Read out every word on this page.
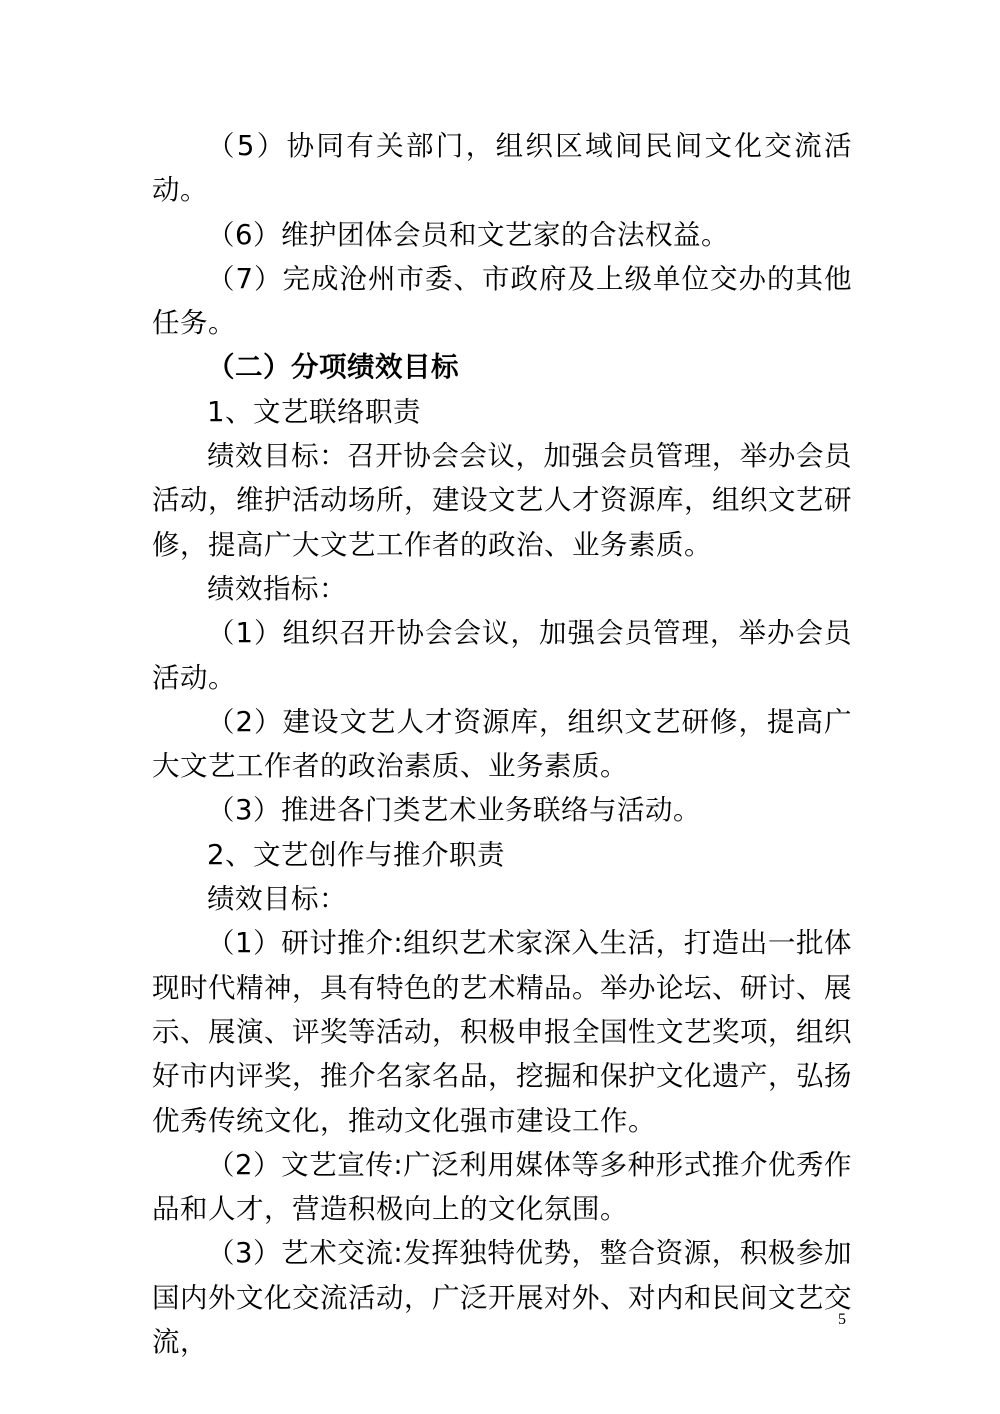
（5）协同有关部门，组织区域间民间文化交流活动。

（6）维护团体会员和文艺家的合法权益。

（7）完成沧州市委、市政府及上级单位交办的其他任务。

（二）分项绩效目标

1、文艺联络职责

绩效目标：召开协会会议，加强会员管理，举办会员活动，维护活动场所，建设文艺人才资源库，组织文艺研修，提高广大文艺工作者的政治、业务素质。

绩效指标：

（1）组织召开协会会议，加强会员管理，举办会员活动。

（2）建设文艺人才资源库，组织文艺研修，提高广大文艺工作者的政治素质、业务素质。

（3）推进各门类艺术业务联络与活动。

2、文艺创作与推介职责

绩效目标：

（1）研讨推介:组织艺术家深入生活，打造出一批体现时代精神，具有特色的艺术精品。举办论坛、研讨、展示、展演、评奖等活动，积极申报全国性文艺奖项，组织好市内评奖，推介名家名品，挖掘和保护文化遗产，弘扬优秀传统文化，推动文化强市建设工作。

（2）文艺宣传:广泛利用媒体等多种形式推介优秀作品和人才，营造积极向上的文化氛围。

（3）艺术交流:发挥独特优势，整合资源，积极参加国内外文化交流活动，广泛开展对外、对内和民间文艺交流，

5
